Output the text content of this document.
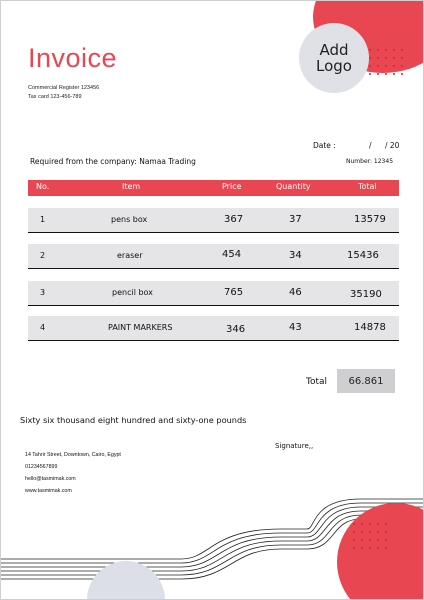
Add
Logo
Invoice
Commercial Register 123456
Tax card 123-456-789
Date :	/ / 20
Required from the company: Namaa Trading	Number: 12345
No.	Item	Price	Quantity	Total
1	pens box	367	37	13579
2	eraser	454	34	15436
3	pencil box	765	46	35190
4	PAINT MARKERS	346	43	14878
Total	66.861
Sixty six thousand eight hundred and sixty-one pounds
Signature,,
14 Tahrir Street, Downtown, Cairo, Egypt
01234567899
hello@tasmimak.com
www.tasmimak.com
